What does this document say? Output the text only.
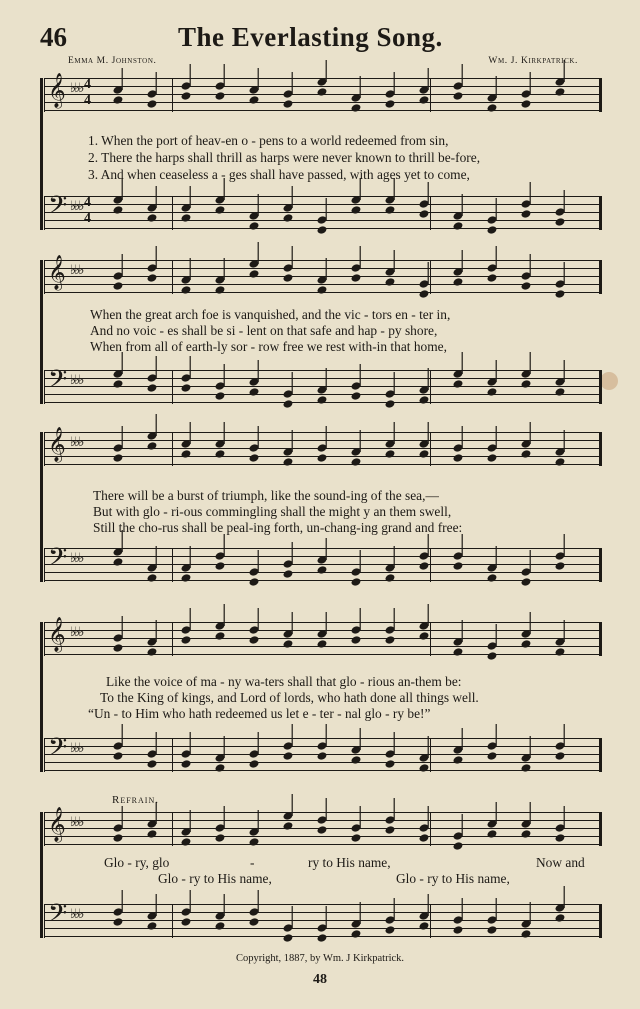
46	The Everlasting Song.
Emma M. Johnston.	Wm. J. Kirkpatrick.
𝄞 ♭♭♭ 4
4
1. When the port of heav-en o - pens to a world redeemed from sin,
2. There the harps shall thrill as harps were never known to thrill be-fore,
3. And when ceaseless a - ges shall have passed, with ages yet to come,
𝄢 ♭♭♭ 4
4
𝄞 ♭♭♭
When the great arch foe is vanquished, and the vic - tors en - ter in,
And no voic - es shall be si - lent on that safe and hap - py shore,
When from all of earth-ly sor - row free we rest with-in that home,
𝄢 ♭♭♭
𝄞 ♭♭♭
There will be a burst of triumph, like the sound-ing of the sea,—
But with glo - ri-ous commingling shall the might y an them swell,
Still the cho-rus shall be peal-ing forth, un-chang-ing grand and free:
𝄢 ♭♭♭
𝄞 ♭♭♭
Like the voice of ma - ny wa-ters shall that glo - rious an-them be:
To the King of kings, and Lord of lords, who hath done all things well.
“Un - to Him who hath redeemed us let e - ter - nal glo - ry be!”
𝄢 ♭♭♭
Refrain.
𝄞 ♭♭♭
Glo - ry, glo	-	ry to His name,	Now and
Glo - ry to His name,	Glo - ry to His name,
𝄢 ♭♭♭
Copyright, 1887, by Wm. J Kirkpatrick.
48
